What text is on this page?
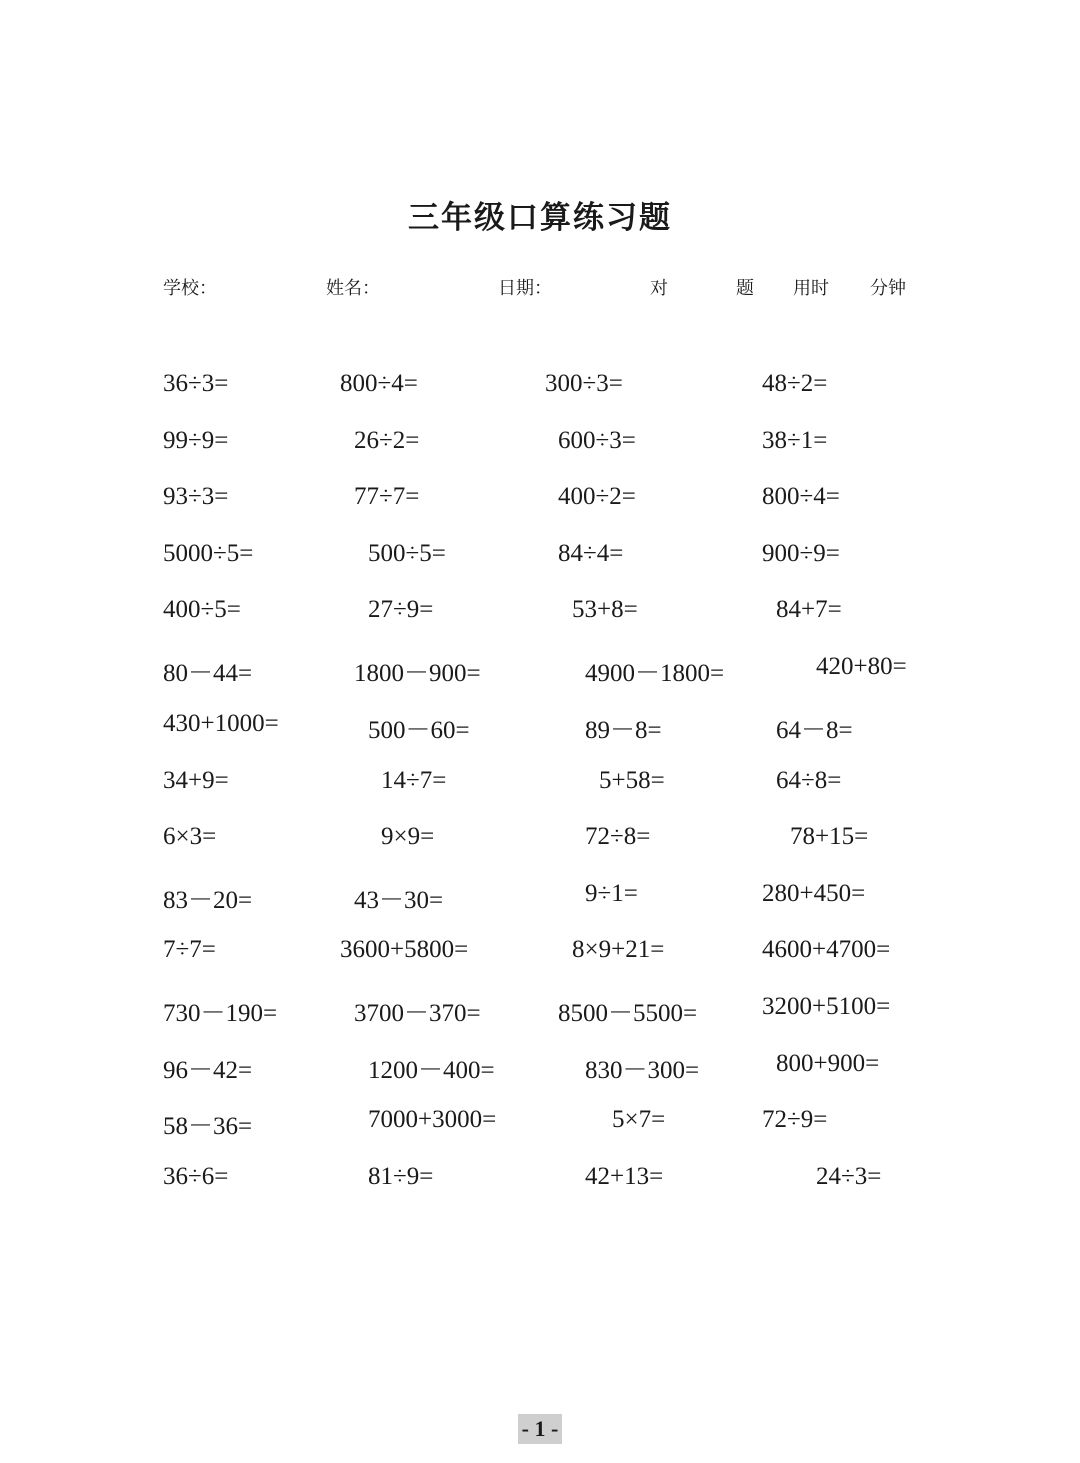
三年级口算练习题
学校：	姓名：	日期：	对	题 用时 分钟
36÷3=	800÷4=	300÷3=	48÷2=
99÷9=	26÷2=	600÷3=	38÷1=
93÷3=	77÷7=	400÷2=	800÷4=
5000÷5=	500÷5=	84÷4=	900÷9=
400÷5=	27÷9=	53+8=	84+7=
80－44=	1800－900=	4900－1800=	420+80=
430+1000=	500－60=	89－8=	64－8=
34+9=	14÷7=	5+58=	64÷8=
6×3=	9×9=	72÷8=	78+15=
83－20=	43－30=	9÷1=	280+450=
7÷7=	3600+5800=	8×9+21=	4600+4700=
730－190=	3700－370=	8500－5500=	3200+5100=
96－42=	1200－400=	830－300=	800+900=
58－36=	7000+3000=	5×7=	72÷9=
36÷6=	81÷9=	42+13=	24÷3=
- 1 -
